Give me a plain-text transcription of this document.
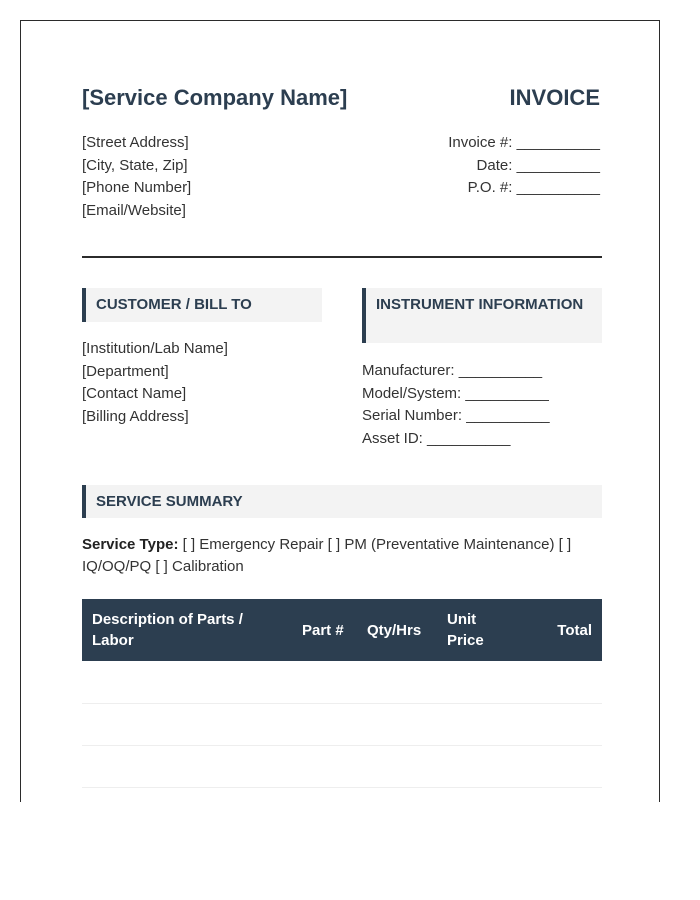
[Service Company Name]	INVOICE
[Street Address]
[City, State, Zip]
[Phone Number]
[Email/Website]
Invoice #: __________
Date: __________
P.O. #: __________
CUSTOMER / BILL TO
[Institution/Lab Name]
[Department]
[Contact Name]
[Billing Address]
INSTRUMENT INFORMATION
Manufacturer: __________
Model/System: __________
Serial Number: __________
Asset ID: __________
SERVICE SUMMARY
Service Type: [ ] Emergency Repair [ ] PM (Preventative Maintenance) [ ] IQ/OQ/PQ [ ] Calibration
Description of Parts / Labor	Part #	Qty/Hrs	Unit Price	Total
